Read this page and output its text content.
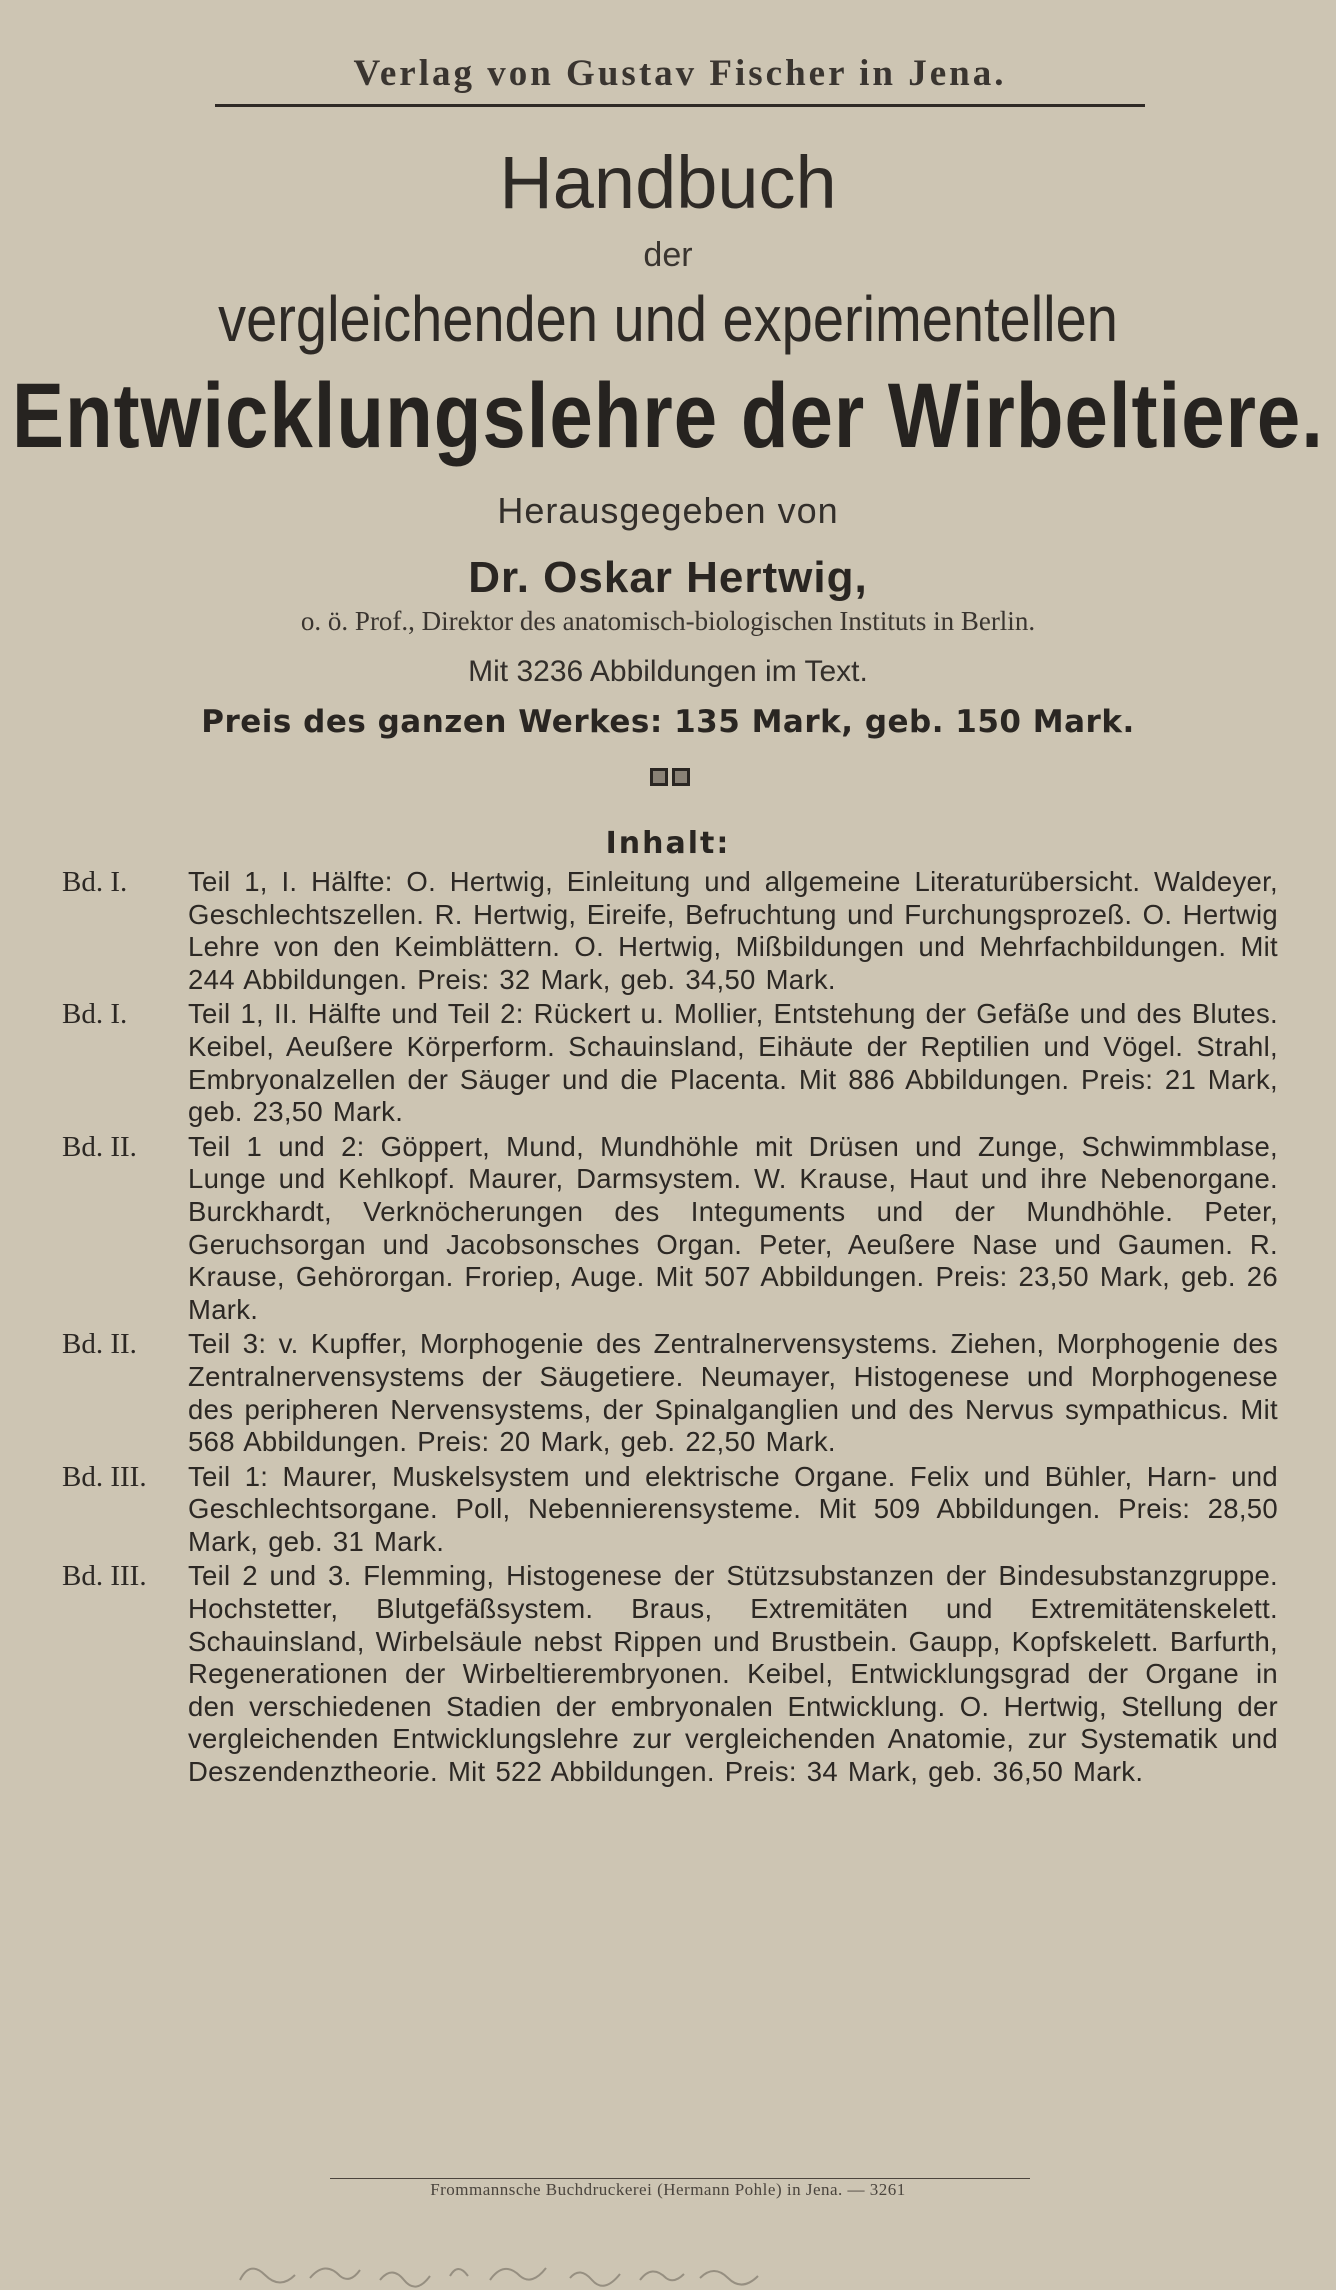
Verlag von Gustav Fischer in Jena.
Handbuch
der
vergleichenden und experimentellen
Entwicklungslehre der Wirbeltiere.
Herausgegeben von
Dr. Oskar Hertwig,
o. ö. Prof., Direktor des anatomisch-biologischen Instituts in Berlin.
Mit 3236 Abbildungen im Text.
Preis des ganzen Werkes: 135 Mark, geb. 150 Mark.
Inhalt:
Bd. I.	Teil 1, I. Hälfte: O. Hertwig, Einleitung und allgemeine Literaturübersicht. Waldeyer, Geschlechtszellen. R. Hertwig, Eireife, Befruchtung und Furchungsprozeß. O. Hertwig Lehre von den Keimblättern. O. Hertwig, Mißbildungen und Mehrfachbildungen. Mit 244 Abbildungen. Preis: 32 Mark, geb. 34,50 Mark.
Bd. I.	Teil 1, II. Hälfte und Teil 2: Rückert u. Mollier, Entstehung der Gefäße und des Blutes. Keibel, Aeußere Körperform. Schauinsland, Eihäute der Reptilien und Vögel. Strahl, Embryonalzellen der Säuger und die Placenta. Mit 886 Abbildungen. Preis: 21 Mark, geb. 23,50 Mark.
Bd. II.	Teil 1 und 2: Göppert, Mund, Mundhöhle mit Drüsen und Zunge, Schwimmblase, Lunge und Kehlkopf. Maurer, Darmsystem. W. Krause, Haut und ihre Nebenorgane. Burckhardt, Verknöcherungen des Integuments und der Mundhöhle. Peter, Geruchsorgan und Jacobsonsches Organ. Peter, Aeußere Nase und Gaumen. R. Krause, Gehörorgan. Froriep, Auge. Mit 507 Abbildungen. Preis: 23,50 Mark, geb. 26 Mark.
Bd. II.	Teil 3: v. Kupffer, Morphogenie des Zentralnervensystems. Ziehen, Morphogenie des Zentralnervensystems der Säugetiere. Neumayer, Histogenese und Morphogenese des peripheren Nervensystems, der Spinalganglien und des Nervus sympathicus. Mit 568 Abbildungen. Preis: 20 Mark, geb. 22,50 Mark.
Bd. III.	Teil 1: Maurer, Muskelsystem und elektrische Organe. Felix und Bühler, Harn- und Geschlechtsorgane. Poll, Nebennierensysteme. Mit 509 Abbildungen. Preis: 28,50 Mark, geb. 31 Mark.
Bd. III.	Teil 2 und 3. Flemming, Histogenese der Stützsubstanzen der Bindesubstanzgruppe. Hochstetter, Blutgefäßsystem. Braus, Extremitäten und Extremitätenskelett. Schauinsland, Wirbelsäule nebst Rippen und Brustbein. Gaupp, Kopfskelett. Barfurth, Regenerationen der Wirbeltierembryonen. Keibel, Entwicklungsgrad der Organe in den verschiedenen Stadien der embryonalen Entwicklung. O. Hertwig, Stellung der vergleichenden Entwicklungslehre zur vergleichenden Anatomie, zur Systematik und Deszendenztheorie. Mit 522 Abbildungen. Preis: 34 Mark, geb. 36,50 Mark.
Frommannsche Buchdruckerei (Hermann Pohle) in Jena. — 3261
